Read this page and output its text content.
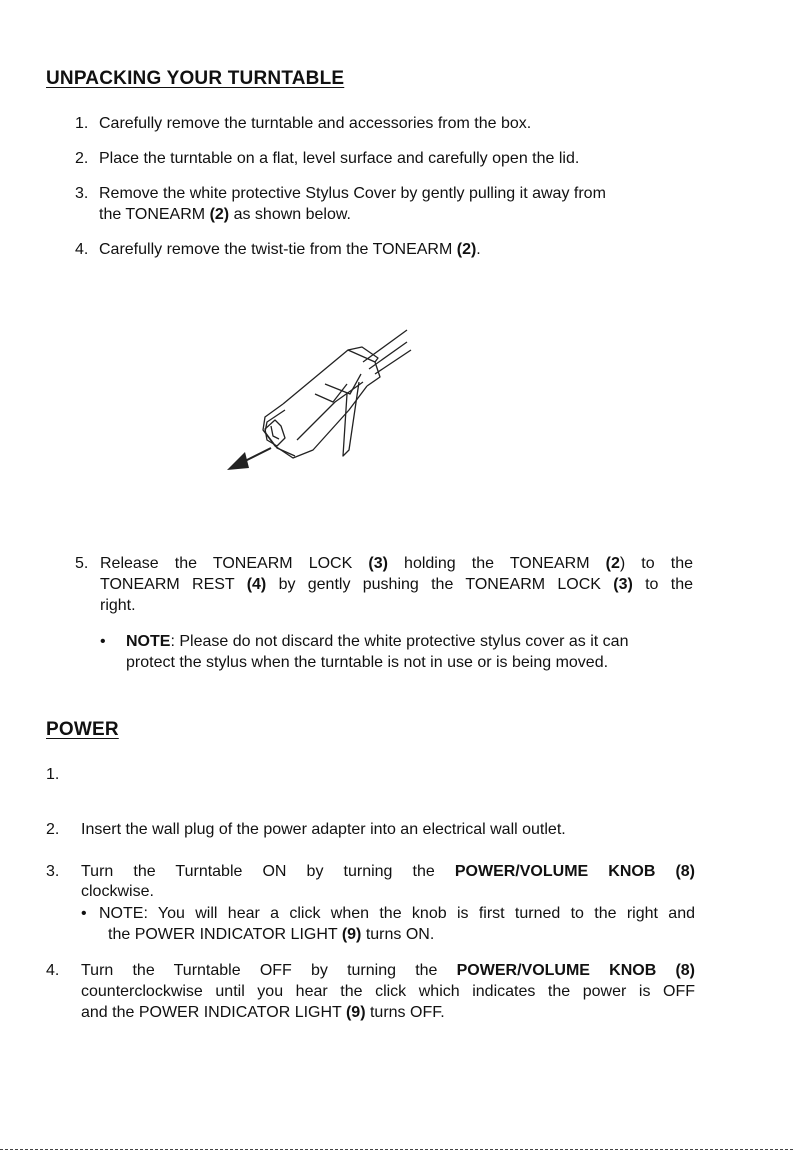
UNPACKING YOUR TURNTABLE
1. Carefully remove the turntable and accessories from the box.
2. Place the turntable on a flat, level surface and carefully open the lid.
3. Remove the white protective Stylus Cover by gently pulling it away from
the TONEARM (2) as shown below.
4. Carefully remove the twist-tie from the TONEARM (2).
5. Release the TONEARM LOCK (3) holding the TONEARM (2) to the
TONEARM REST (4) by gently pushing the TONEARM LOCK (3) to the
right.
• NOTE: Please do not discard the white protective stylus cover as it can
protect the stylus when the turntable is not in use or is being moved.
POWER
1.
2. Insert the wall plug of the power adapter into an electrical wall outlet.
3. Turn the Turntable ON by turning the POWER/VOLUME KNOB (8)
clockwise.
• NOTE: You will hear a click when the knob is first turned to the right and
the POWER INDICATOR LIGHT (9) turns ON.
4. Turn the Turntable OFF by turning the POWER/VOLUME KNOB (8)
counterclockwise until you hear the click which indicates the power is OFF
and the POWER INDICATOR LIGHT (9) turns OFF.
